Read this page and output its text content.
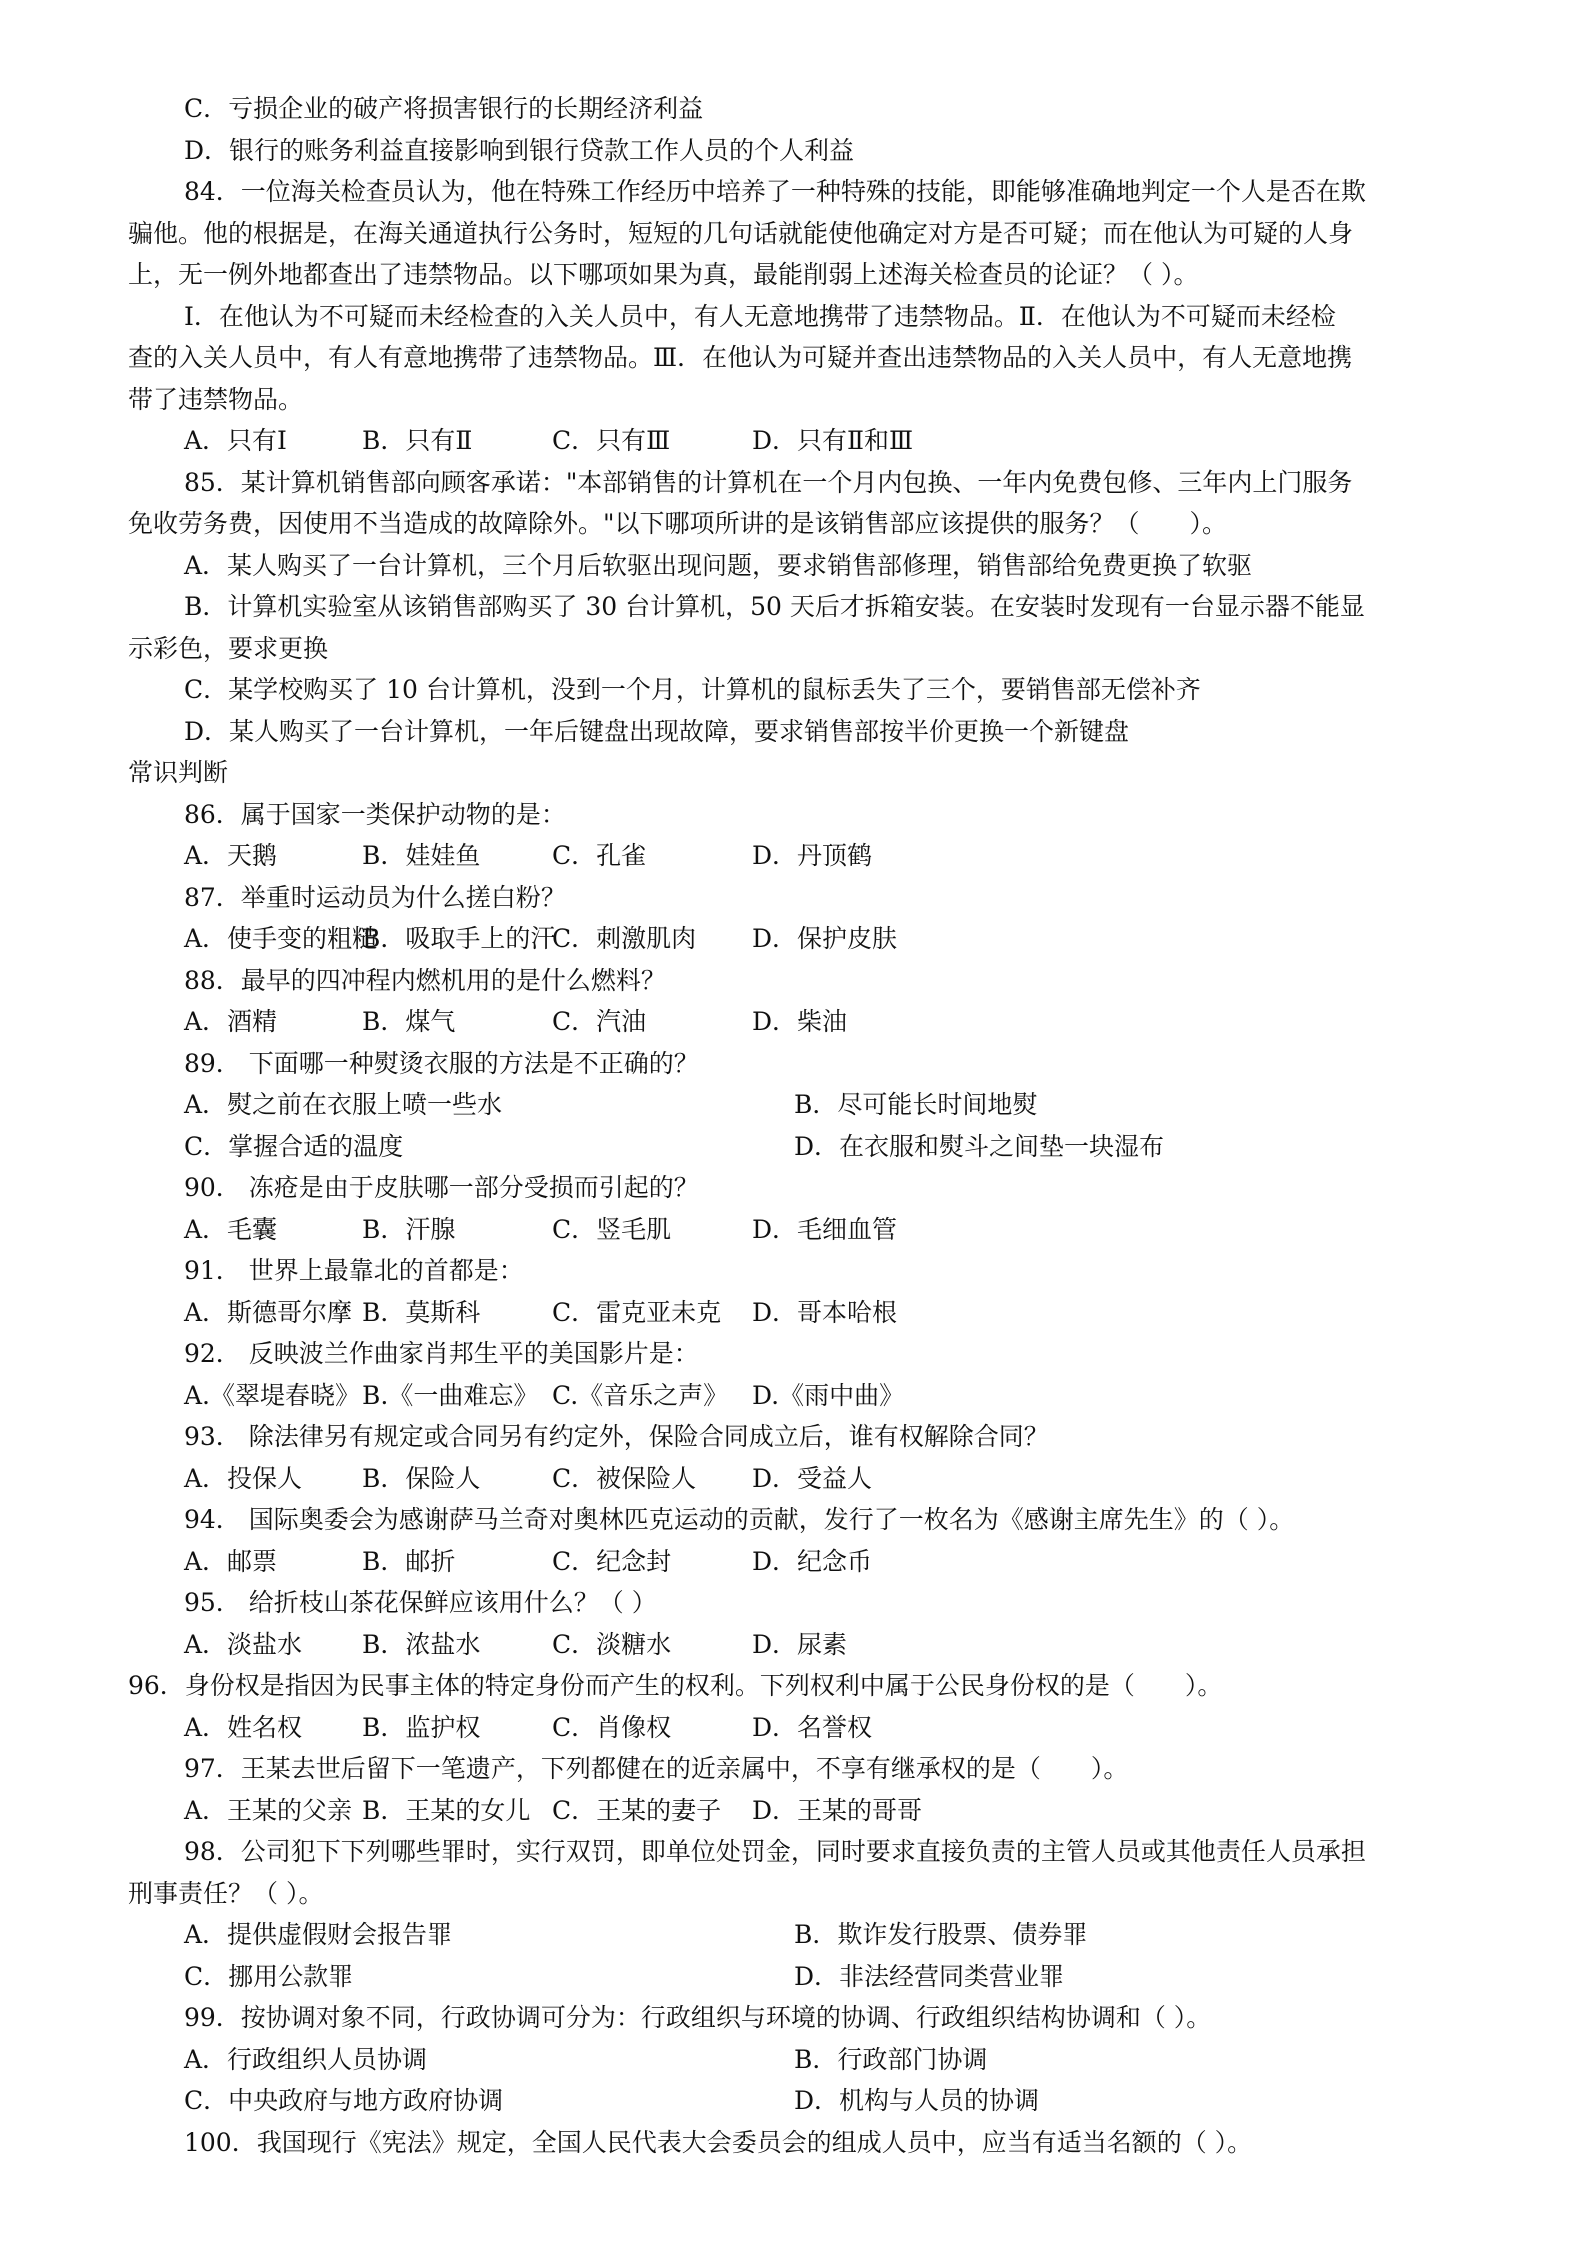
C．亏损企业的破产将损害银行的长期经济利益
D．银行的账务利益直接影响到银行贷款工作人员的个人利益
84．一位海关检查员认为，他在特殊工作经历中培养了一种特殊的技能，即能够准确地判定一个人是否在欺
骗他。他的根据是，在海关通道执行公务时，短短的几句话就能使他确定对方是否可疑；而在他认为可疑的人身
上，无一例外地都查出了违禁物品。以下哪项如果为真，最能削弱上述海关检查员的论证？（ ）。
Ⅰ．在他认为不可疑而未经检查的入关人员中，有人无意地携带了违禁物品。Ⅱ．在他认为不可疑而未经检
查的入关人员中，有人有意地携带了违禁物品。Ⅲ．在他认为可疑并查出违禁物品的入关人员中，有人无意地携
带了违禁物品。
A．只有Ⅰ	B．只有Ⅱ	C．只有Ⅲ	D．只有Ⅱ和Ⅲ
85．某计算机销售部向顾客承诺："本部销售的计算机在一个月内包换、一年内免费包修、三年内上门服务
免收劳务费，因使用不当造成的故障除外。"以下哪项所讲的是该销售部应该提供的服务？（　　）。
A．某人购买了一台计算机，三个月后软驱出现问题，要求销售部修理，销售部给免费更换了软驱
B．计算机实验室从该销售部购买了 30 台计算机，50 天后才拆箱安装。在安装时发现有一台显示器不能显
示彩色，要求更换
C．某学校购买了 10 台计算机，没到一个月，计算机的鼠标丢失了三个，要销售部无偿补齐
D．某人购买了一台计算机，一年后键盘出现故障，要求销售部按半价更换一个新键盘
常识判断
86．属于国家一类保护动物的是：
A．天鹅	B．娃娃鱼	C．孔雀	D．丹顶鹤
87．举重时运动员为什么搓白粉？
A．使手变的粗糙B．吸取手上的汗C．刺激肌肉 D．保护皮肤
88．最早的四冲程内燃机用的是什么燃料？
A．酒精	B．煤气	C．汽油	D．柴油
89． 下面哪一种熨烫衣服的方法是不正确的？
A．熨之前在衣服上喷一些水	B．尽可能长时间地熨
C．掌握合适的温度	D．在衣服和熨斗之间垫一块湿布
90． 冻疮是由于皮肤哪一部分受损而引起的？
A．毛囊	B．汗腺	C．竖毛肌	D．毛细血管
91． 世界上最靠北的首都是：
A．斯德哥尔摩 B．莫斯科	C．雷克亚未克 D．哥本哈根
92． 反映波兰作曲家肖邦生平的美国影片是：
A.《翠堤春晓》B.《一曲难忘》 C.《音乐之声》 D.《雨中曲》
93． 除法律另有规定或合同另有约定外，保险合同成立后，谁有权解除合同？
A．投保人 B．保险人	C．被保险人 D．受益人
94． 国际奥委会为感谢萨马兰奇对奥林匹克运动的贡献，发行了一枚名为《感谢主席先生》的（ ）。
A．邮票	B．邮折	C．纪念封	D．纪念币
95． 给折枝山茶花保鲜应该用什么？（ ）
A．淡盐水 B．浓盐水	C．淡糖水	D．尿素
96．身份权是指因为民事主体的特定身份而产生的权利。下列权利中属于公民身份权的是（　　）。
A．姓名权 B．监护权	C．肖像权	D．名誉权
97．王某去世后留下一笔遗产，下列都健在的近亲属中，不享有继承权的是（　　）。
A．王某的父亲 B．王某的女儿 C．王某的妻子 D．王某的哥哥
98．公司犯下下列哪些罪时，实行双罚，即单位处罚金，同时要求直接负责的主管人员或其他责任人员承担
刑事责任？（ ）。
A．提供虚假财会报告罪	B．欺诈发行股票、债券罪
C．挪用公款罪	D．非法经营同类营业罪
99．按协调对象不同，行政协调可分为：行政组织与环境的协调、行政组织结构协调和（ ）。
A．行政组织人员协调	B．行政部门协调
C．中央政府与地方政府协调	D．机构与人员的协调
100．我国现行《宪法》规定，全国人民代表大会委员会的组成人员中，应当有适当名额的（ ）。
